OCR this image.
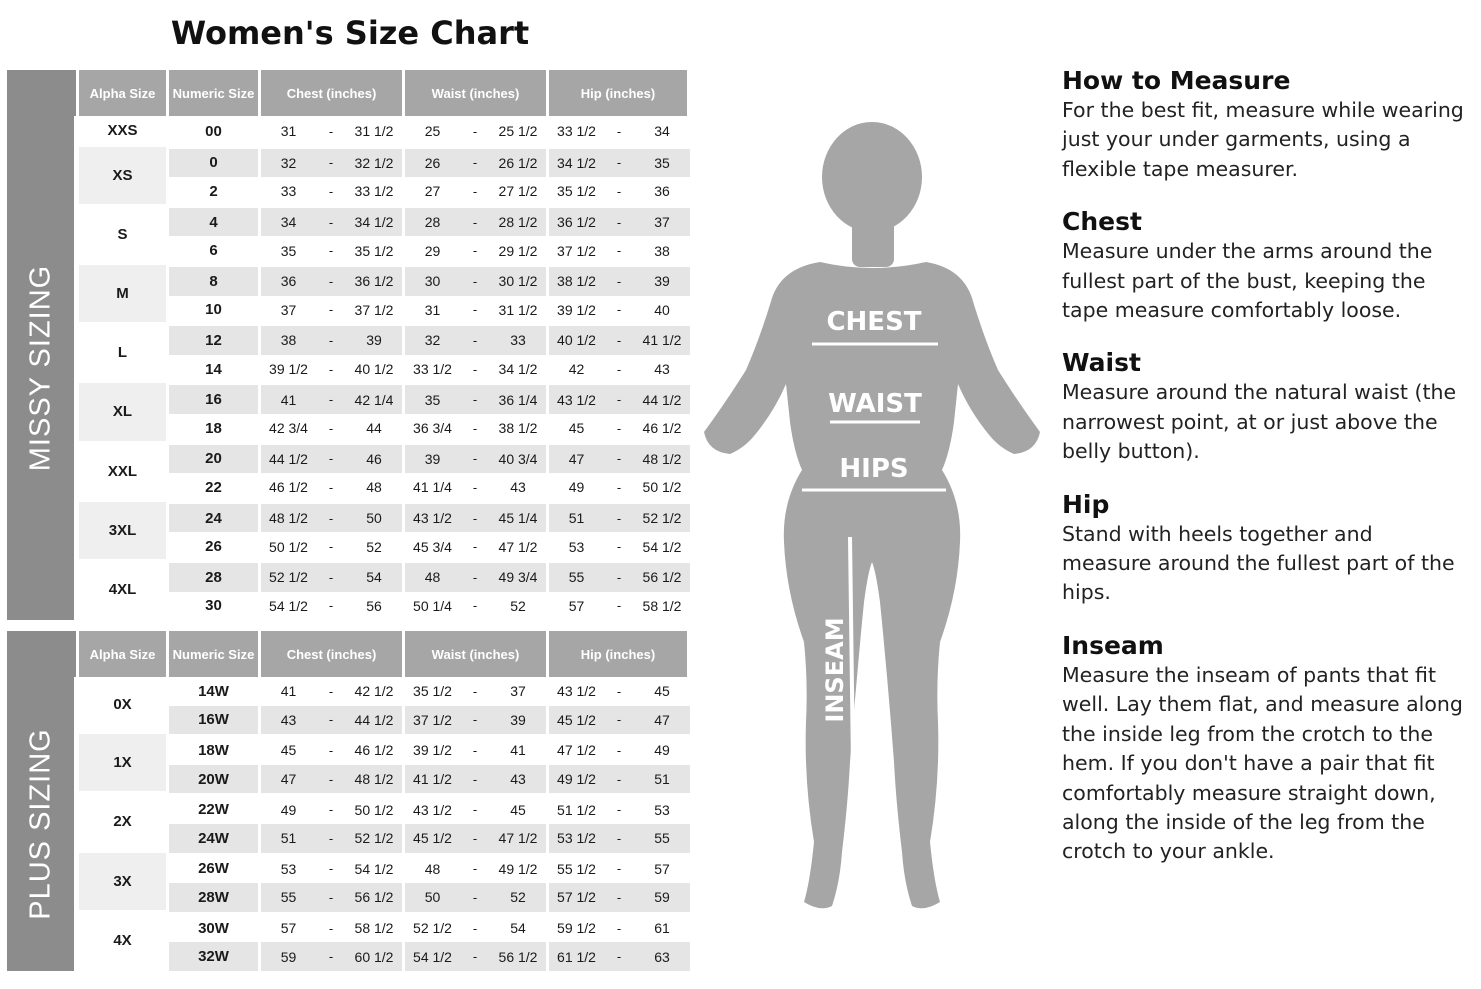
Women's Size Chart
	Alpha Size	Numeric Size	Chest (inches)			Waist (inches)			Hip (inches)		

MISSY SIZING	XXS	00	31	-	31 1/2	25	-	25 1/2	33 1/2	-	34
	XS	0	32	-	32 1/2	26	-	26 1/2	34 1/2	-	35
		2	33	-	33 1/2	27	-	27 1/2	35 1/2	-	36
	S	4	34	-	34 1/2	28	-	28 1/2	36 1/2	-	37
		6	35	-	35 1/2	29	-	29 1/2	37 1/2	-	38
	M	8	36	-	36 1/2	30	-	30 1/2	38 1/2	-	39
		10	37	-	37 1/2	31	-	31 1/2	39 1/2	-	40
	L	12	38	-	39	32	-	33	40 1/2	-	41 1/2
		14	39 1/2	-	40 1/2	33 1/2	-	34 1/2	42	-	43
	XL	16	41	-	42 1/4	35	-	36 1/4	43 1/2	-	44 1/2
		18	42 3/4	-	44	36 3/4	-	38 1/2	45	-	46 1/2
	XXL	20	44 1/2	-	46	39	-	40 3/4	47	-	48 1/2
		22	46 1/2	-	48	41 1/4	-	43	49	-	50 1/2
	3XL	24	48 1/2	-	50	43 1/2	-	45 1/4	51	-	52 1/2
		26	50 1/2	-	52	45 3/4	-	47 1/2	53	-	54 1/2
	4XL	28	52 1/2	-	54	48	-	49 3/4	55	-	56 1/2
		30	54 1/2	-	56	50 1/4	-	52	57	-	58 1/2
	Alpha Size	Numeric Size	Chest (inches)			Waist (inches)			Hip (inches)		

PLUS SIZING	0X	14W	41	-	42 1/2	35 1/2	-	37	43 1/2	-	45
		16W	43	-	44 1/2	37 1/2	-	39	45 1/2	-	47
	1X	18W	45	-	46 1/2	39 1/2	-	41	47 1/2	-	49
		20W	47	-	48 1/2	41 1/2	-	43	49 1/2	-	51
	2X	22W	49	-	50 1/2	43 1/2	-	45	51 1/2	-	53
		24W	51	-	52 1/2	45 1/2	-	47 1/2	53 1/2	-	55
	3X	26W	53	-	54 1/2	48	-	49 1/2	55 1/2	-	57
		28W	55	-	56 1/2	50	-	52	57 1/2	-	59
	4X	30W	57	-	58 1/2	52 1/2	-	54	59 1/2	-	61
		32W	59	-	60 1/2	54 1/2	-	56 1/2	61 1/2	-	63
CHEST
WAIST
HIPS
INSEAM
How to Measure
For the best fit, measure while wearing just your under garments, using a flexible tape measurer.
Chest
Measure under the arms around the fullest part of the bust, keeping the tape measure comfortably loose.
Waist
Measure around the natural waist (the narrowest point, at or just above the belly button).
Hip
Stand with heels together and measure around the fullest part of the hips.
Inseam
Measure the inseam of pants that fit well. Lay them flat, and measure along the inside leg from the crotch to the hem. If you don't have a pair that fit comfortably measure straight down, along the inside of the leg from the crotch to your ankle.
